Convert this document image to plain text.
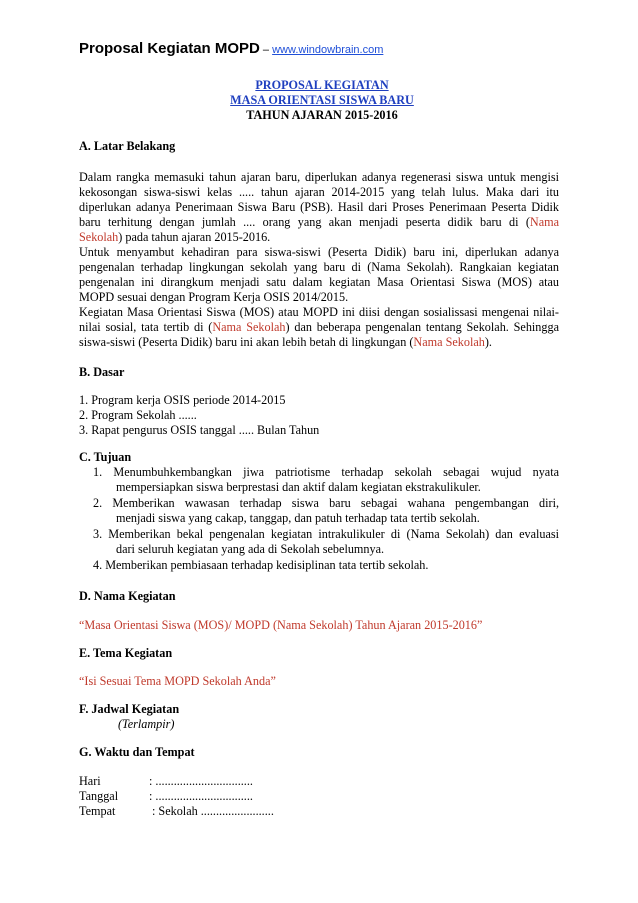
Proposal Kegiatan MOPD – www.windowbrain.com
PROPOSAL KEGIATAN
MASA ORIENTASI SISWA BARU
TAHUN AJARAN 2015-2016
A. Latar Belakang
Dalam rangka memasuki tahun ajaran baru, diperlukan adanya regenerasi siswa untuk mengisi
kekosongan siswa-siswi kelas ..... tahun ajaran 2014-2015 yang telah lulus. Maka dari itu
diperlukan adanya Penerimaan Siswa Baru (PSB). Hasil dari Proses Penerimaan Peserta Didik
baru terhitung dengan jumlah .... orang yang akan menjadi peserta didik baru di (Nama
Sekolah) pada tahun ajaran 2015-2016.
Untuk menyambut kehadiran para siswa-siswi (Peserta Didik) baru ini, diperlukan adanya
pengenalan terhadap lingkungan sekolah yang baru di (Nama Sekolah). Rangkaian kegiatan
pengenalan ini dirangkum menjadi satu dalam kegiatan Masa Orientasi Siswa (MOS) atau
MOPD sesuai dengan Program Kerja OSIS 2014/2015.
Kegiatan Masa Orientasi Siswa (MOS) atau MOPD ini diisi dengan sosialissasi mengenai nilai-
nilai sosial, tata tertib di (Nama Sekolah) dan beberapa pengenalan tentang Sekolah. Sehingga
siswa-siswi (Peserta Didik) baru ini akan lebih betah di lingkungan (Nama Sekolah).
B. Dasar
1. Program kerja OSIS periode 2014-2015
2. Program Sekolah ......
3. Rapat pengurus OSIS tanggal ..... Bulan Tahun
C. Tujuan
1. Menumbuhkembangkan jiwa patriotisme terhadap sekolah sebagai wujud nyata
mempersiapkan siswa berprestasi dan aktif dalam kegiatan ekstrakulikuler.
2. Memberikan wawasan terhadap siswa baru sebagai wahana pengembangan diri,
menjadi siswa yang cakap, tanggap, dan patuh terhadap tata tertib sekolah.
3. Memberikan bekal pengenalan kegiatan intrakulikuler di (Nama Sekolah) dan evaluasi
dari seluruh kegiatan yang ada di Sekolah sebelumnya.
4. Memberikan pembiasaan terhadap kedisiplinan tata tertib sekolah.
D. Nama Kegiatan
“Masa Orientasi Siswa (MOS)/ MOPD (Nama Sekolah) Tahun Ajaran 2015-2016”
E. Tema Kegiatan
“Isi Sesuai Tema MOPD Sekolah Anda”
F. Jadwal Kegiatan
(Terlampir)
G. Waktu dan Tempat
Hari	: ................................
Tanggal	: ................................
Tempat	: Sekolah ........................
